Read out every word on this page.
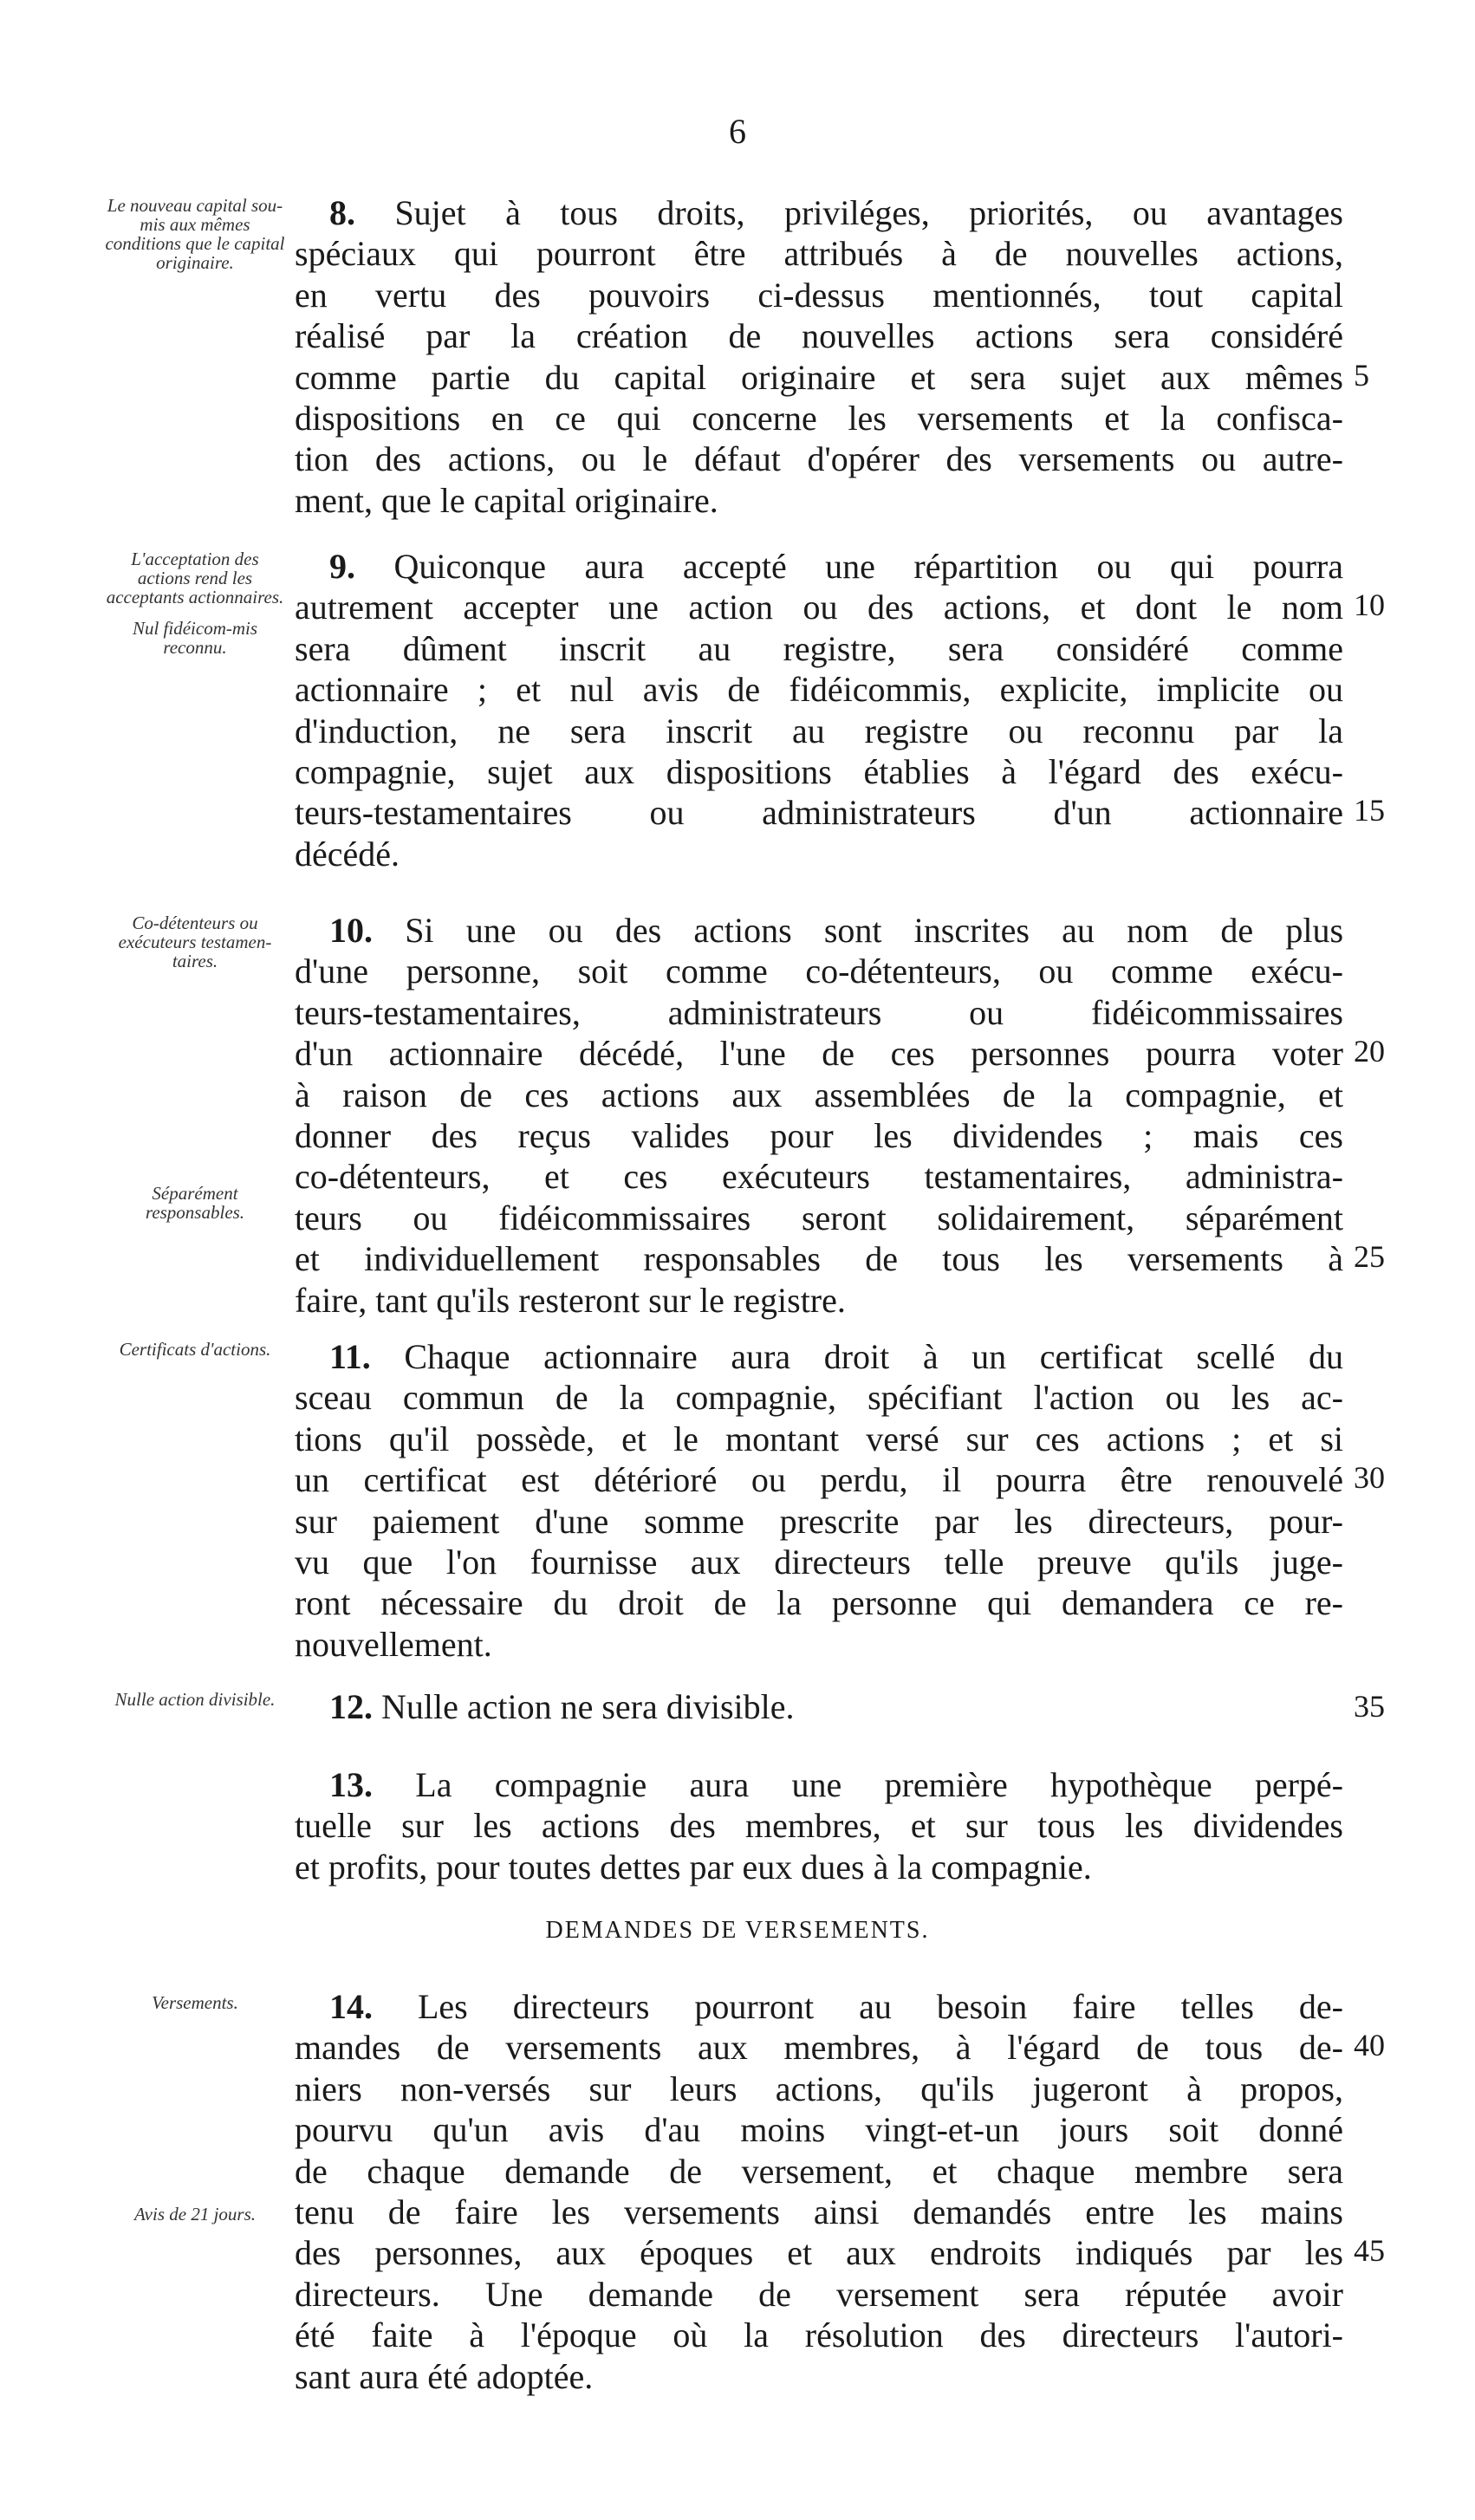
6

Le nouveau capital sou-mis aux mêmes conditions que le capital originaire.

 8. Sujet à tous droits, priviléges, priorités, ou avantages
spéciaux qui pourront être attribués à de nouvelles actions,
en vertu des pouvoirs ci-dessus mentionnés, tout capital
réalisé par la création de nouvelles actions sera considéré
comme partie du capital originaire et sera sujet aux mêmes
dispositions en ce qui concerne les versements et la confisca-
tion des actions, ou le défaut d'opérer des versements ou autre-
ment, que le capital originaire.
5

L'acceptation des actions rend les acceptants actionnaires.

Nul fidéicom-mis reconnu.

 9. Quiconque aura accepté une répartition ou qui pourra
autrement accepter une action ou des actions, et dont le nom
sera dûment inscrit au registre, sera considéré comme
actionnaire ; et nul avis de fidéicommis, explicite, implicite ou
d'induction, ne sera inscrit au registre ou reconnu par la
compagnie, sujet aux dispositions établies à l'égard des exécu-
teurs-testamentaires ou administrateurs d'un actionnaire
décédé.
10
15

Co-détenteurs ou exécuteurs testamen-taires.

Séparément responsables.

 10. Si une ou des actions sont inscrites au nom de plus
d'une personne, soit comme co-détenteurs, ou comme exécu-
teurs-testamentaires, administrateurs ou fidéicommissaires
d'un actionnaire décédé, l'une de ces personnes pourra voter
à raison de ces actions aux assemblées de la compagnie, et
donner des reçus valides pour les dividendes ; mais ces
co-détenteurs, et ces exécuteurs testamentaires, administra-
teurs ou fidéicommissaires seront solidairement, séparément
et individuellement responsables de tous les versements à
faire, tant qu'ils resteront sur le registre.
20
25

Certificats d'actions.

 	11. Chaque actionnaire aura droit à un certificat scellé du
sceau commun de la compagnie, spécifiant l'action ou les ac-
tions qu'il possède, et le montant versé sur ces actions ; et si
un certificat est détérioré ou perdu, il pourra être renouvelé
sur paiement d'une somme prescrite par les directeurs, pour-
vu que l'on fournisse aux directeurs telle preuve qu'ils juge-
ront nécessaire du droit de la personne qui demandera ce re-
nouvellement.
30

Nulle action divisible.

 	12. Nulle action ne sera divisible.	35
 13. La compagnie aura une première hypothèque perpé-
tuelle sur les actions des membres, et sur tous les dividendes
et profits, pour toutes dettes par eux dues à la compagnie.
DEMANDES DE VERSEMENTS.

Versements.

Avis de 21 jours.

 14. Les directeurs pourront au besoin faire telles de-
mandes de versements aux membres, à l'égard de tous de-
niers non-versés sur leurs actions, qu'ils jugeront à propos,
pourvu qu'un avis d'au moins vingt-et-un jours soit donné
de chaque demande de versement, et chaque membre sera
tenu de faire les versements ainsi demandés entre les mains
des personnes, aux époques et aux endroits indiqués par les
directeurs. Une demande de versement sera réputée avoir
été faite à l'époque où la résolution des directeurs l'autori-
sant aura été adoptée.
40
45
